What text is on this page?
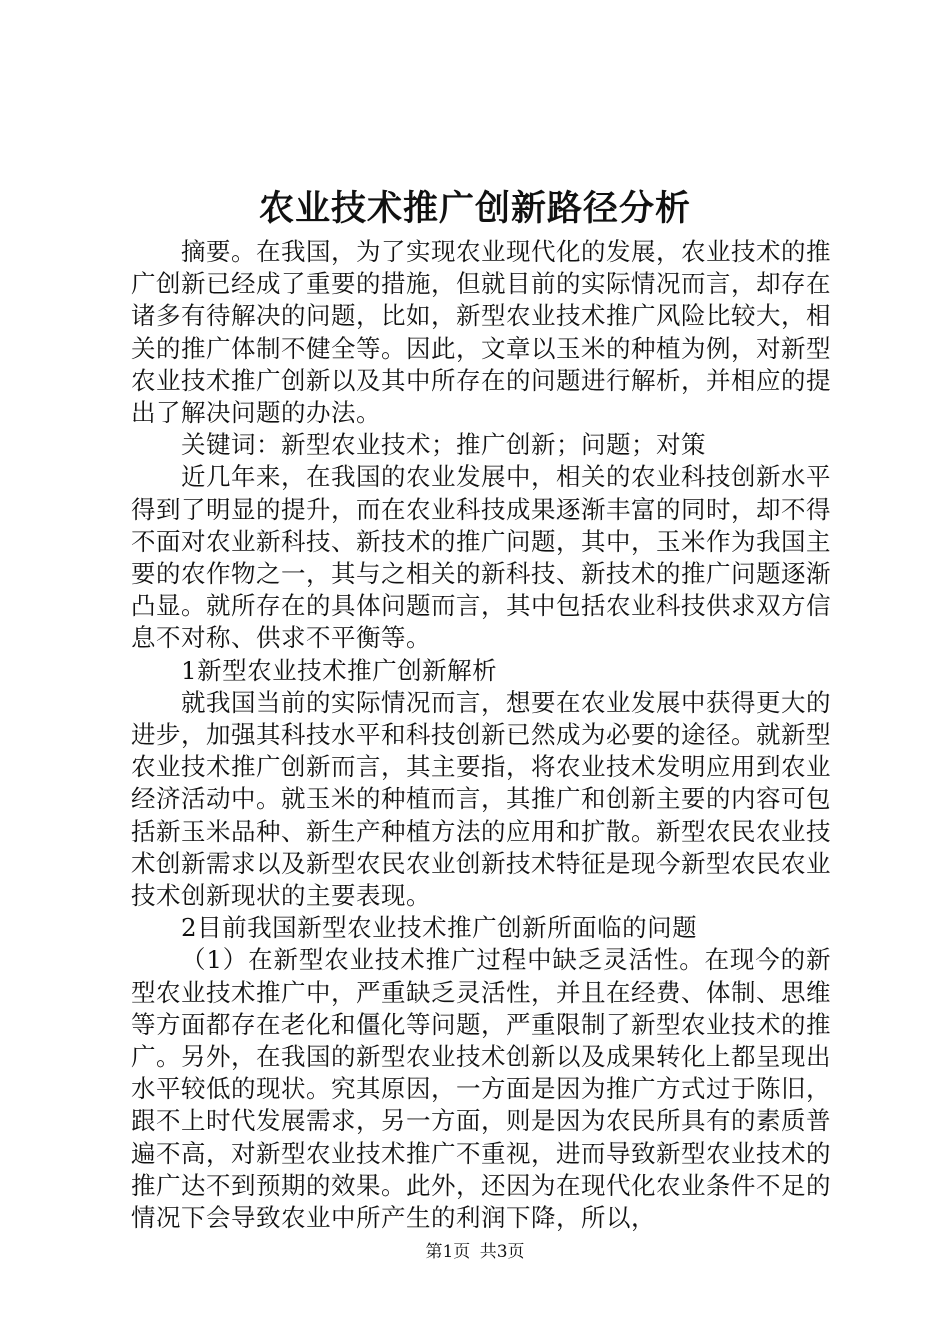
农业技术推广创新路径分析

摘要。在我国，为了实现农业现代化的发展，农业技术的推广创新已经成了重要的措施，但就目前的实际情况而言，却存在诸多有待解决的问题，比如，新型农业技术推广风险比较大，相关的推广体制不健全等。因此，文章以玉米的种植为例，对新型农业技术推广创新以及其中所存在的问题进行解析，并相应的提出了解决问题的办法。

关键词：新型农业技术；推广创新；问题；对策

近几年来，在我国的农业发展中，相关的农业科技创新水平得到了明显的提升，而在农业科技成果逐渐丰富的同时，却不得不面对农业新科技、新技术的推广问题，其中，玉米作为我国主要的农作物之一，其与之相关的新科技、新技术的推广问题逐渐凸显。就所存在的具体问题而言，其中包括农业科技供求双方信息不对称、供求不平衡等。

1新型农业技术推广创新解析

就我国当前的实际情况而言，想要在农业发展中获得更大的进步，加强其科技水平和科技创新已然成为必要的途径。就新型农业技术推广创新而言，其主要指，将农业技术发明应用到农业经济活动中。就玉米的种植而言，其推广和创新主要的内容可包括新玉米品种、新生产种植方法的应用和扩散。新型农民农业技术创新需求以及新型农民农业创新技术特征是现今新型农民农业技术创新现状的主要表现。

2目前我国新型农业技术推广创新所面临的问题

（1）在新型农业技术推广过程中缺乏灵活性。在现今的新型农业技术推广中，严重缺乏灵活性，并且在经费、体制、思维等方面都存在老化和僵化等问题，严重限制了新型农业技术的推广。另外，在我国的新型农业技术创新以及成果转化上都呈现出水平较低的现状。究其原因，一方面是因为推广方式过于陈旧，跟不上时代发展需求，另一方面，则是因为农民所具有的素质普遍不高，对新型农业技术推广不重视，进而导致新型农业技术的推广达不到预期的效果。此外，还因为在现代化农业条件不足的情况下会导致农业中所产生的利润下降，所以，

第1页 共3页
